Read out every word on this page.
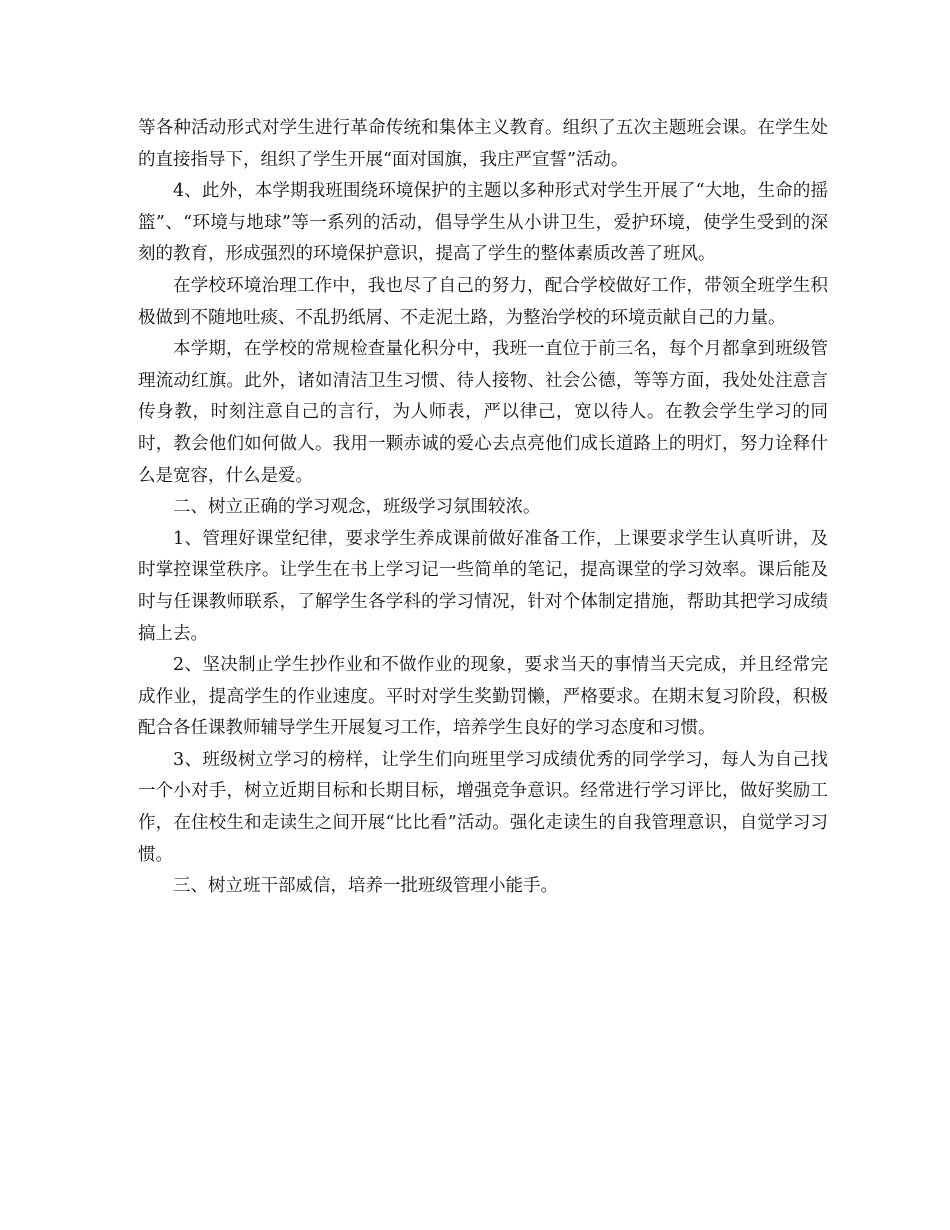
等各种活动形式对学生进行革命传统和集体主义教育。组织了五次主题班会课。在学生处的直接指导下，组织了学生开展“面对国旗，我庄严宣誓”活动。

4、此外，本学期我班围绕环境保护的主题以多种形式对学生开展了“大地，生命的摇篮”、“环境与地球”等一系列的活动，倡导学生从小讲卫生，爱护环境，使学生受到的深刻的教育，形成强烈的环境保护意识，提高了学生的整体素质改善了班风。

在学校环境治理工作中，我也尽了自己的努力，配合学校做好工作，带领全班学生积极做到不随地吐痰、不乱扔纸屑、不走泥土路，为整治学校的环境贡献自己的力量。

本学期，在学校的常规检查量化积分中，我班一直位于前三名，每个月都拿到班级管理流动红旗。此外，诸如清洁卫生习惯、待人接物、社会公德，等等方面，我处处注意言传身教，时刻注意自己的言行，为人师表，严以律己，宽以待人。在教会学生学习的同时，教会他们如何做人。我用一颗赤诚的爱心去点亮他们成长道路上的明灯，努力诠释什么是宽容，什么是爱。

二、树立正确的学习观念，班级学习氛围较浓。

1、管理好课堂纪律，要求学生养成课前做好准备工作，上课要求学生认真听讲，及时掌控课堂秩序。让学生在书上学习记一些简单的笔记，提高课堂的学习效率。课后能及时与任课教师联系，了解学生各学科的学习情况，针对个体制定措施，帮助其把学习成绩搞上去。

2、坚决制止学生抄作业和不做作业的现象，要求当天的事情当天完成，并且经常完成作业，提高学生的作业速度。平时对学生奖勤罚懒，严格要求。在期末复习阶段，积极配合各任课教师辅导学生开展复习工作，培养学生良好的学习态度和习惯。

3、班级树立学习的榜样，让学生们向班里学习成绩优秀的同学学习，每人为自己找一个小对手，树立近期目标和长期目标，增强竞争意识。经常进行学习评比，做好奖励工作，在住校生和走读生之间开展“比比看”活动。强化走读生的自我管理意识，自觉学习习惯。

三、树立班干部威信，培养一批班级管理小能手。
